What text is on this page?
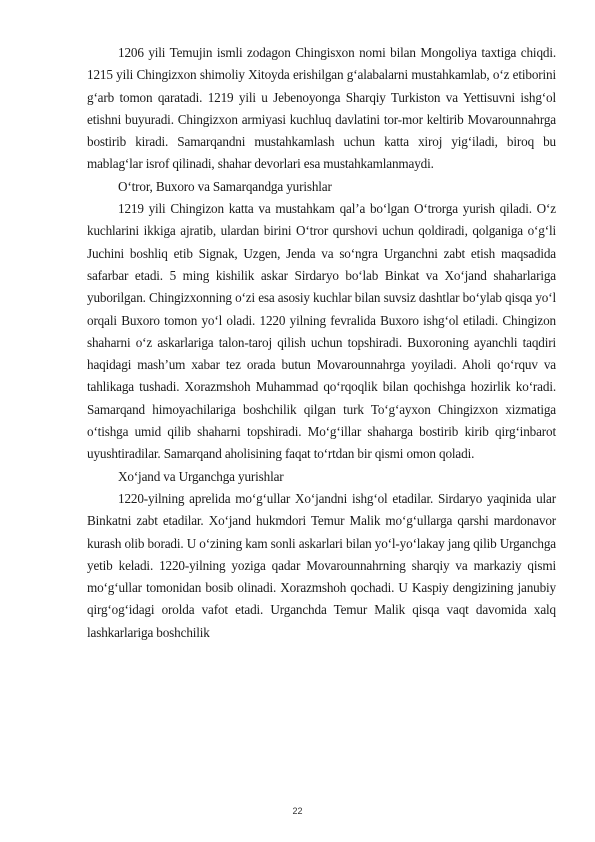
1206 yili Temujin ismli zodagon Chingisxon nomi bilan Mongoliya taxtiga chiqdi. 1215 yili Chingizxon shimoliy Xitoyda erishilgan g‘alabalarni mustahkamlab, o‘z etiborini g‘arb tomon qaratadi. 1219 yili u Jebenoyonga Sharqiy Turkiston va Yettisuvni ishg‘ol etishni buyuradi. Chingizxon armiyasi kuchluq davlatini tor-mor keltirib Movarounnahrga bostirib kiradi. Samarqandni mustahkamlash uchun katta xiroj yig‘iladi, biroq bu mablag‘lar isrof qilinadi, shahar devorlari esa mustahkamlanmaydi.

O‘tror, Buxoro va Samarqandga yurishlar

1219 yili Chingizon katta va mustahkam qal’a bo‘lgan O‘trorga yurish qiladi. O‘z kuchlarini ikkiga ajratib, ulardan birini O‘tror qurshovi uchun qoldiradi, qolganiga o‘g‘li Juchini boshliq etib Signak, Uzgen, Jenda va so‘ngra Urganchni zabt etish maqsadida safarbar etadi. 5 ming kishilik askar Sirdaryo bo‘lab Binkat va Xo‘jand shaharlariga yuborilgan. Chingizxonning o‘zi esa asosiy kuchlar bilan suvsiz dashtlar bo‘ylab qisqa yo‘l orqali Buxoro tomon yo‘l oladi. 1220 yilning fevralida Buxoro ishg‘ol etiladi. Chingizon shaharni o‘z askarlariga talon-taroj qilish uchun topshiradi. Buxoroning ayanchli taqdiri haqidagi mash’um xabar tez orada butun Movarounnahrga yoyiladi. Aholi qo‘rquv va tahlikaga tushadi. Xorazmshoh Muhammad qo‘rqoqlik bilan qochishga hozirlik ko‘radi. Samarqand himoyachilariga boshchilik qilgan turk To‘g‘ayxon Chingizxon xizmatiga o‘tishga umid qilib shaharni topshiradi. Mo‘g‘illar shaharga bostirib kirib qirg‘inbarot uyushtiradilar. Samarqand aholisining faqat to‘rtdan bir qismi omon qoladi.

Xo‘jand va Urganchga yurishlar

1220-yilning aprelida mo‘g‘ullar Xo‘jandni ishg‘ol etadilar. Sirdaryo yaqinida ular Binkatni zabt etadilar. Xo‘jand hukmdori Temur Malik mo‘g‘ullarga qarshi mardonavor kurash olib boradi. U o‘zining kam sonli askarlari bilan yo‘l-yo‘lakay jang qilib Urganchga yetib keladi. 1220-yilning yoziga qadar Movarounnahrning sharqiy va markaziy qismi mo‘g‘ullar tomonidan bosib olinadi. Xorazmshoh qochadi. U Kaspiy dengizining janubiy qirg‘og‘idagi orolda vafot etadi. Urganchda Temur Malik qisqa vaqt davomida xalq lashkarlariga boshchilik

22
